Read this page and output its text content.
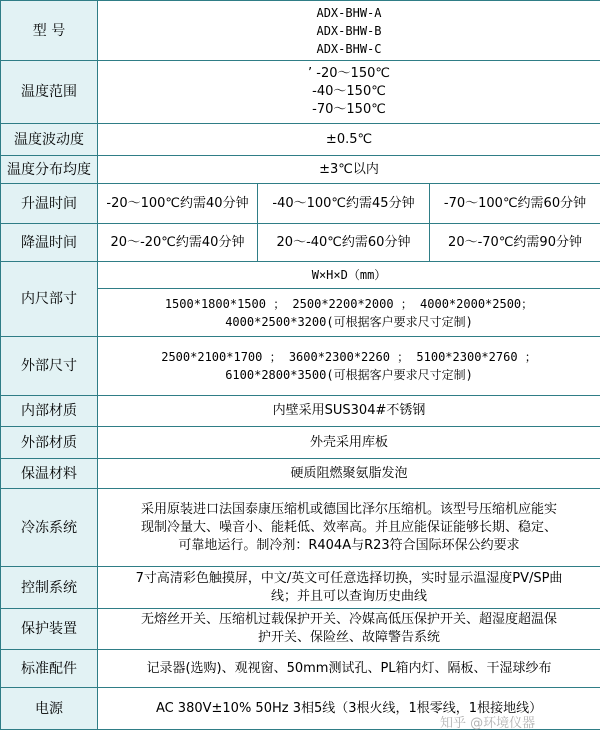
型 号	ADX-BHW-A
ADX-BHW-B
ADX-BHW-C		

温度范围	’ -20～150℃
-40～150℃
-70～150℃		

温度波动度	±0.5℃		
温度分布均度	±3℃以内		
升温时间	-20～100℃约需40分钟	-40～100℃约需45分钟	-70～100℃约需60分钟
降温时间	20～-20℃约需40分钟	20～-40℃约需60分钟	20～-70℃约需90分钟
内尺部寸	W×H×D（mm）		

	1500*1800*1500 ； 2500*2200*2000 ； 4000*2000*2500；
4000*2500*3200(可根据客户要求尺寸定制)		

外部尺寸	2500*2100*1700 ； 3600*2300*2260 ； 5100*2300*2760 ；
6100*2800*3500(可根据客户要求尺寸定制)		

内部材质	内壁采用SUS304#不锈钢		
外部材质	外壳采用库板		
保温材料	硬质阻燃聚氨脂发泡		
冷冻系统	采用原装进口法国泰康压缩机或德国比泽尔压缩机。该型号压缩机应能实
现制冷量大、噪音小、能耗低、效率高。并且应能保证能够长期、稳定、
可靠地运行。制冷剂：R404A与R23符合国际环保公约要求		

控制系统	7寸高清彩色触摸屏，中文/英文可任意选择切换，实时显示温湿度PV/SP曲
线；并且可以查询历史曲线		

保护装置	无熔丝开关、压缩机过载保护开关、冷媒高低压保护开关、超湿度超温保
护开关、保险丝、故障警告系统		

标准配件	记录器(选购)、观视窗、50mm测试孔、PL箱内灯、隔板、干湿球纱布		
电源	AC 380V±10% 50Hz 3相5线（3根火线，1根零线，1根接地线）		
知乎 @环境仪器
